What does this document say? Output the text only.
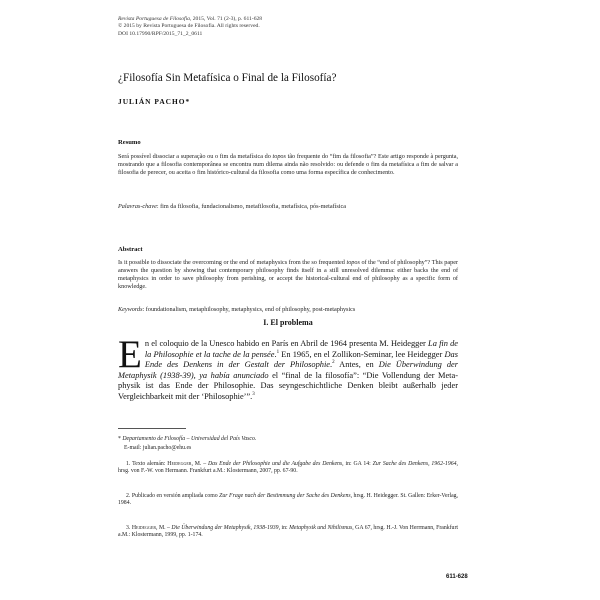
Revista Portuguesa de Filosofia, 2015, Vol. 71 (2-3), p. 611-628
© 2015 by Revista Portuguesa de Filosofia. All rights reserved.
DOI 10.17990/RPF/2015_71_2_0611
¿Filosofía Sin Metafísica o Final de la Filosofía?
JULIÁN PACHO*
Resumo
Será possível dissociar a superação ou o fim da metafísica do topos tão frequente do “fim da filosofia”? Este artigo responde à pergunta, mostrando que a filosofia contemporânea se encontra num dilema ainda não resolvido: ou defende o fim da metafísica a fim de salvar a filosofia de perecer, ou aceita o fim histórico-cultural da filosofia como uma forma específica de conhecimento.
Palavras-chave: fim da filosofia, fundacionalismo, metafilosofia, metafísica, pós-metafísica
Abstract
Is it possible to dissociate the overcoming or the end of metaphysics from the so frequented topos of the “end of philosophy”? This paper answers the question by showing that contemporary philosophy finds itself in a still unresolved dilemma: either backs the end of metaphysics in order to save philosophy from perishing, or accept the historical-cultural end of philosophy as a specific form of knowledge.
Keywords: foundationalism, metaphilosophy, metaphysics, end of philosophy, post-metaphysics
I. El problema
En el coloquio de la Unesco habido en París en Abril de 1964 presenta M. Heidegger La fin de la Philosophie et la tache de la pensée.$^1$ En 1965, en el Zollikon-Seminar, lee Heidegger Das Ende des Denkens in der Gestalt der Philosophie.$^2$ Antes, en Die Überwindung der Metaphysik (1938-39), ya había anunciado el “final de la filosofía”: “Die Vollendung der Meta-physik ist das Ende der Philosophie. Das seyngeschichtliche Denken bleibt außerhalb jeder Vergleichbarkeit mit der ‘Philosophie’”.$^3$
* Departamento de Filosofía – Universidad del País Vasco.
E-mail: julian.pacho@ehu.es
1. Texto alemán: Heidegger, M. – Das Ende der Philosophie und die Aufgabe des Denkens, in: GA 14: Zur Sache des Denkens, 1962-1964, hrsg. von F.-W. von Hermann. Frankfurt a.M.: Klostermann, 2007, pp. 67-90.
2. Publicado en versión ampliada como Zur Frage nach der Bestimmung der Sache des Denkens, hrsg. H. Heidegger. St. Gallen: Erker-Verlag, 1984.
3. Heidegger, M. – Die Überwindung der Metaphysik, 1938-1939, in: Metaphysik und Nihilismus, GA 67, hrsg. H.-J. Von Herrmann, Frankfurt a.M.: Klostermann, 1999, pp. 1-174.
611-628
